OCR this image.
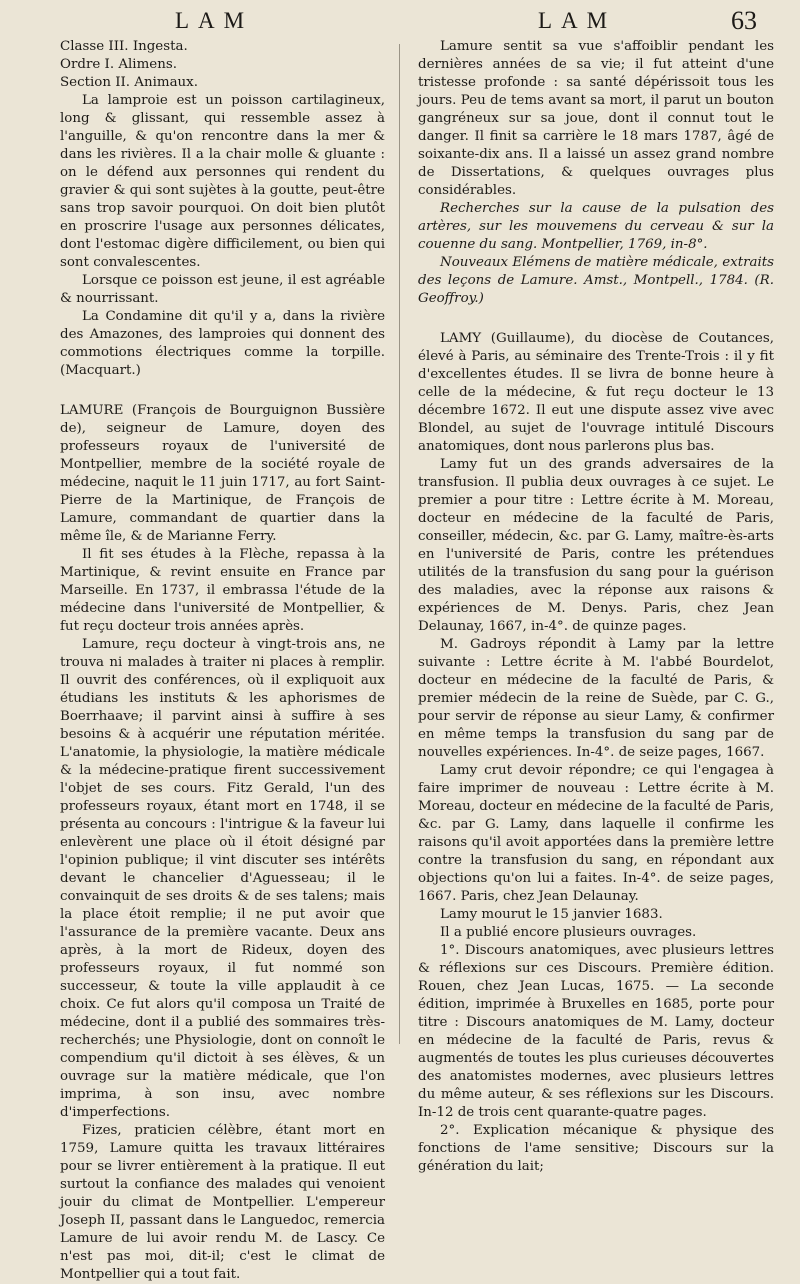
LAM	LAM	63

Classe III. Ingesta.

Ordre I. Alimens.

Section II. Animaux.

La lamproie est un poisson cartilagineux, long & glissant, qui ressemble assez à l'anguille, & qu'on rencontre dans la mer & dans les rivières. Il a la chair molle & gluante : on le défend aux personnes qui rendent du gravier & qui sont sujètes à la goutte, peut-être sans trop savoir pourquoi. On doit bien plutôt en proscrire l'usage aux personnes délicates, dont l'estomac digère difficilement, ou bien qui sont convalescentes.

Lorsque ce poisson est jeune, il est agréable & nourrissant.

La Condamine dit qu'il y a, dans la rivière des Amazones, des lamproies qui donnent des commotions électriques comme la torpille. (Macquart.)

LAMURE (François de Bourguignon Bussière de), seigneur de Lamure, doyen des professeurs royaux de l'université de Montpellier, membre de la société royale de médecine, naquit le 11 juin 1717, au fort Saint-Pierre de la Martinique, de François de Lamure, commandant de quartier dans la même île, & de Marianne Ferry.

Il fit ses études à la Flèche, repassa à la Martinique, & revint ensuite en France par Marseille. En 1737, il embrassa l'étude de la médecine dans l'université de Montpellier, & fut reçu docteur trois années après.

Lamure, reçu docteur à vingt-trois ans, ne trouva ni malades à traiter ni places à remplir. Il ouvrit des conférences, où il expliquoit aux étudians les instituts & les aphorismes de Boerrhaave; il parvint ainsi à suffire à ses besoins & à acquérir une réputation méritée. L'anatomie, la physiologie, la matière médicale & la médecine-pratique firent successivement l'objet de ses cours. Fitz Gerald, l'un des professeurs royaux, étant mort en 1748, il se présenta au concours : l'intrigue & la faveur lui enlevèrent une place où il étoit désigné par l'opinion publique; il vint discuter ses intérêts devant le chancelier d'Aguesseau; il le convainquit de ses droits & de ses talens; mais la place étoit remplie; il ne put avoir que l'assurance de la première vacante. Deux ans après, à la mort de Rideux, doyen des professeurs royaux, il fut nommé son successeur, & toute la ville applaudit à ce choix. Ce fut alors qu'il composa un Traité de médecine, dont il a publié des sommaires très-recherchés; une Physiologie, dont on connoît le compendium qu'il dictoit à ses élèves, & un ouvrage sur la matière médicale, que l'on imprima, à son insu, avec nombre d'imperfections.

Fizes, praticien célèbre, étant mort en 1759, Lamure quitta les travaux littéraires pour se livrer entièrement à la pratique. Il eut surtout la confiance des malades qui venoient jouir du climat de Montpellier. L'empereur Joseph II, passant dans le Languedoc, remercia Lamure de lui avoir rendu M. de Lascy. Ce n'est pas moi, dit-il; c'est le climat de Montpellier qui a tout fait.

Lamure sentit sa vue s'affoiblir pendant les dernières années de sa vie; il fut atteint d'une tristesse profonde : sa santé dépérissoit tous les jours. Peu de tems avant sa mort, il parut un bouton gangréneux sur sa joue, dont il connut tout le danger. Il finit sa carrière le 18 mars 1787, âgé de soixante-dix ans. Il a laissé un assez grand nombre de Dissertations, & quelques ouvrages plus considérables.

Recherches sur la cause de la pulsation des artères, sur les mouvemens du cerveau & sur la couenne du sang. Montpellier, 1769, in-8°.

Nouveaux Elémens de matière médicale, extraits des leçons de Lamure. Amst., Montpell., 1784. (R. Geoffroy.)

LAMY (Guillaume), du diocèse de Coutances, élevé à Paris, au séminaire des Trente-Trois : il y fit d'excellentes études. Il se livra de bonne heure à celle de la médecine, & fut reçu docteur le 13 décembre 1672. Il eut une dispute assez vive avec Blondel, au sujet de l'ouvrage intitulé Discours anatomiques, dont nous parlerons plus bas.

Lamy fut un des grands adversaires de la transfusion. Il publia deux ouvrages à ce sujet. Le premier a pour titre : Lettre écrite à M. Moreau, docteur en médecine de la faculté de Paris, conseiller, médecin, &c. par G. Lamy, maître-ès-arts en l'université de Paris, contre les prétendues utilités de la transfusion du sang pour la guérison des maladies, avec la réponse aux raisons & expériences de M. Denys. Paris, chez Jean Delaunay, 1667, in-4°. de quinze pages.

M. Gadroys répondit à Lamy par la lettre suivante : Lettre écrite à M. l'abbé Bourdelot, docteur en médecine de la faculté de Paris, & premier médecin de la reine de Suède, par C. G., pour servir de réponse au sieur Lamy, & confirmer en même temps la transfusion du sang par de nouvelles expériences. In-4°. de seize pages, 1667.

Lamy crut devoir répondre; ce qui l'engagea à faire imprimer de nouveau : Lettre écrite à M. Moreau, docteur en médecine de la faculté de Paris, &c. par G. Lamy, dans laquelle il confirme les raisons qu'il avoit apportées dans la première lettre contre la transfusion du sang, en répondant aux objections qu'on lui a faites. In-4°. de seize pages, 1667. Paris, chez Jean Delaunay.

Lamy mourut le 15 janvier 1683.

Il a publié encore plusieurs ouvrages.

1°. Discours anatomiques, avec plusieurs lettres & réflexions sur ces Discours. Première édition. Rouen, chez Jean Lucas, 1675. — La seconde édition, imprimée à Bruxelles en 1685, porte pour titre : Discours anatomiques de M. Lamy, docteur en médecine de la faculté de Paris, revus & augmentés de toutes les plus curieuses découvertes des anatomistes modernes, avec plusieurs lettres du même auteur, & ses réflexions sur les Discours. In-12 de trois cent quarante-quatre pages.

2°. Explication mécanique & physique des fonctions de l'ame sensitive; Discours sur la génération du lait;
